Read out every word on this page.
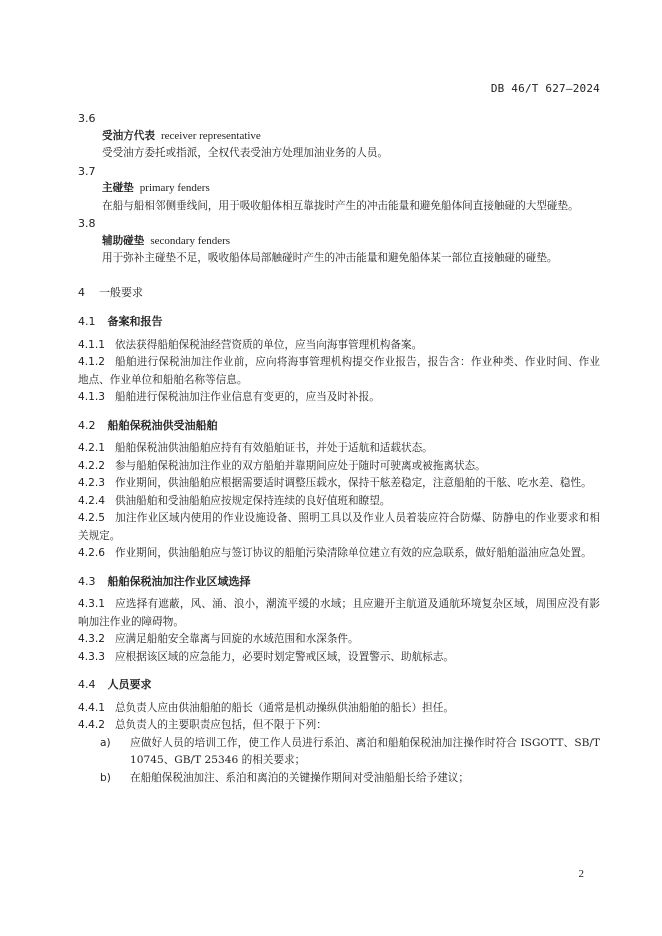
DB 46/T 627—2024
3.6
受油方代表 receiver representative
受受油方委托或指派，全权代表受油方处理加油业务的人员。
3.7
主碰垫 primary fenders
在船与船相邻侧垂线间，用于吸收船体相互靠拢时产生的冲击能量和避免船体间直接触碰的大型碰垫。
3.8
辅助碰垫 secondary fenders
用于弥补主碰垫不足，吸收船体局部触碰时产生的冲击能量和避免船体某一部位直接触碰的碰垫。
4 一般要求
4.1 备案和报告
4.1.1 依法获得船舶保税油经营资质的单位，应当向海事管理机构备案。
4.1.2 船舶进行保税油加注作业前，应向将海事管理机构提交作业报告，报告含：作业种类、作业时间、作业地点、作业单位和船舶名称等信息。
4.1.3 船舶进行保税油加注作业信息有变更的，应当及时补报。
4.2 船舶保税油供受油船舶
4.2.1 船舶保税油供油船舶应持有有效船舶证书，并处于适航和适载状态。
4.2.2 参与船舶保税油加注作业的双方船舶并靠期间应处于随时可驶离或被拖离状态。
4.2.3 作业期间，供油船舶应根据需要适时调整压载水，保持干舷差稳定，注意船舶的干舷、吃水差、稳性。
4.2.4 供油船舶和受油船舶应按规定保持连续的良好值班和瞭望。
4.2.5 加注作业区域内使用的作业设施设备、照明工具以及作业人员着装应符合防爆、防静电的作业要求和相关规定。
4.2.6 作业期间，供油船舶应与签订协议的船舶污染清除单位建立有效的应急联系，做好船舶溢油应急处置。
4.3 船舶保税油加注作业区域选择
4.3.1 应选择有遮蔽，风、涌、浪小，潮流平缓的水域；且应避开主航道及通航环境复杂区域，周围应没有影响加注作业的障碍物。
4.3.2 应满足船舶安全靠离与回旋的水域范围和水深条件。
4.3.3 应根据该区域的应急能力，必要时划定警戒区域，设置警示、助航标志。
4.4 人员要求
4.4.1 总负责人应由供油船舶的船长（通常是机动操纵供油船舶的船长）担任。
4.4.2 总负责人的主要职责应包括，但不限于下列：
a) 应做好人员的培训工作，使工作人员进行系泊、离泊和船舶保税油加注操作时符合 ISGOTT、SB/T 10745、GB/T 25346 的相关要求；
b) 在船舶保税油加注、系泊和离泊的关键操作期间对受油船船长给予建议；
2
